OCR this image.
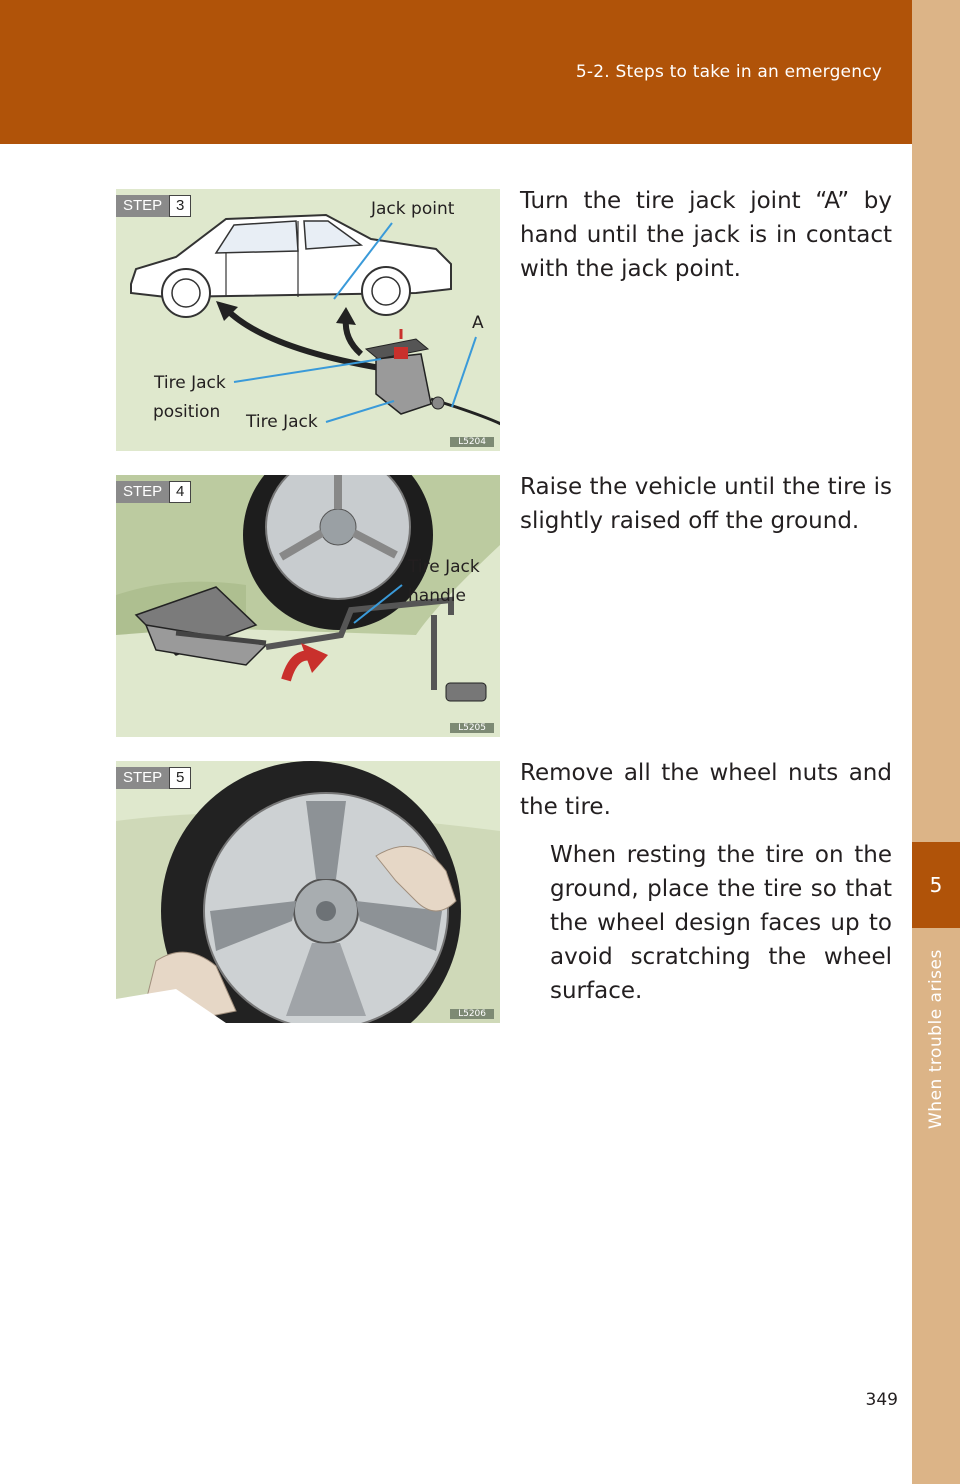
5-2. Steps to take in an emergency
5
When trouble arises
STEP 3	Jack point
A
Tire Jack
position Tire Jack
L5204
Turn the tire jack joint “A” by hand until the jack is in contact with the jack point.
STEP 4
Tire Jack
handle
L5205
Raise the vehicle until the tire is slightly raised off the ground.
STEP 5
L5206
Remove all the wheel nuts and the tire.
When resting the tire on the ground, place the tire so that the wheel design faces up to avoid scratching the wheel surface.
349
